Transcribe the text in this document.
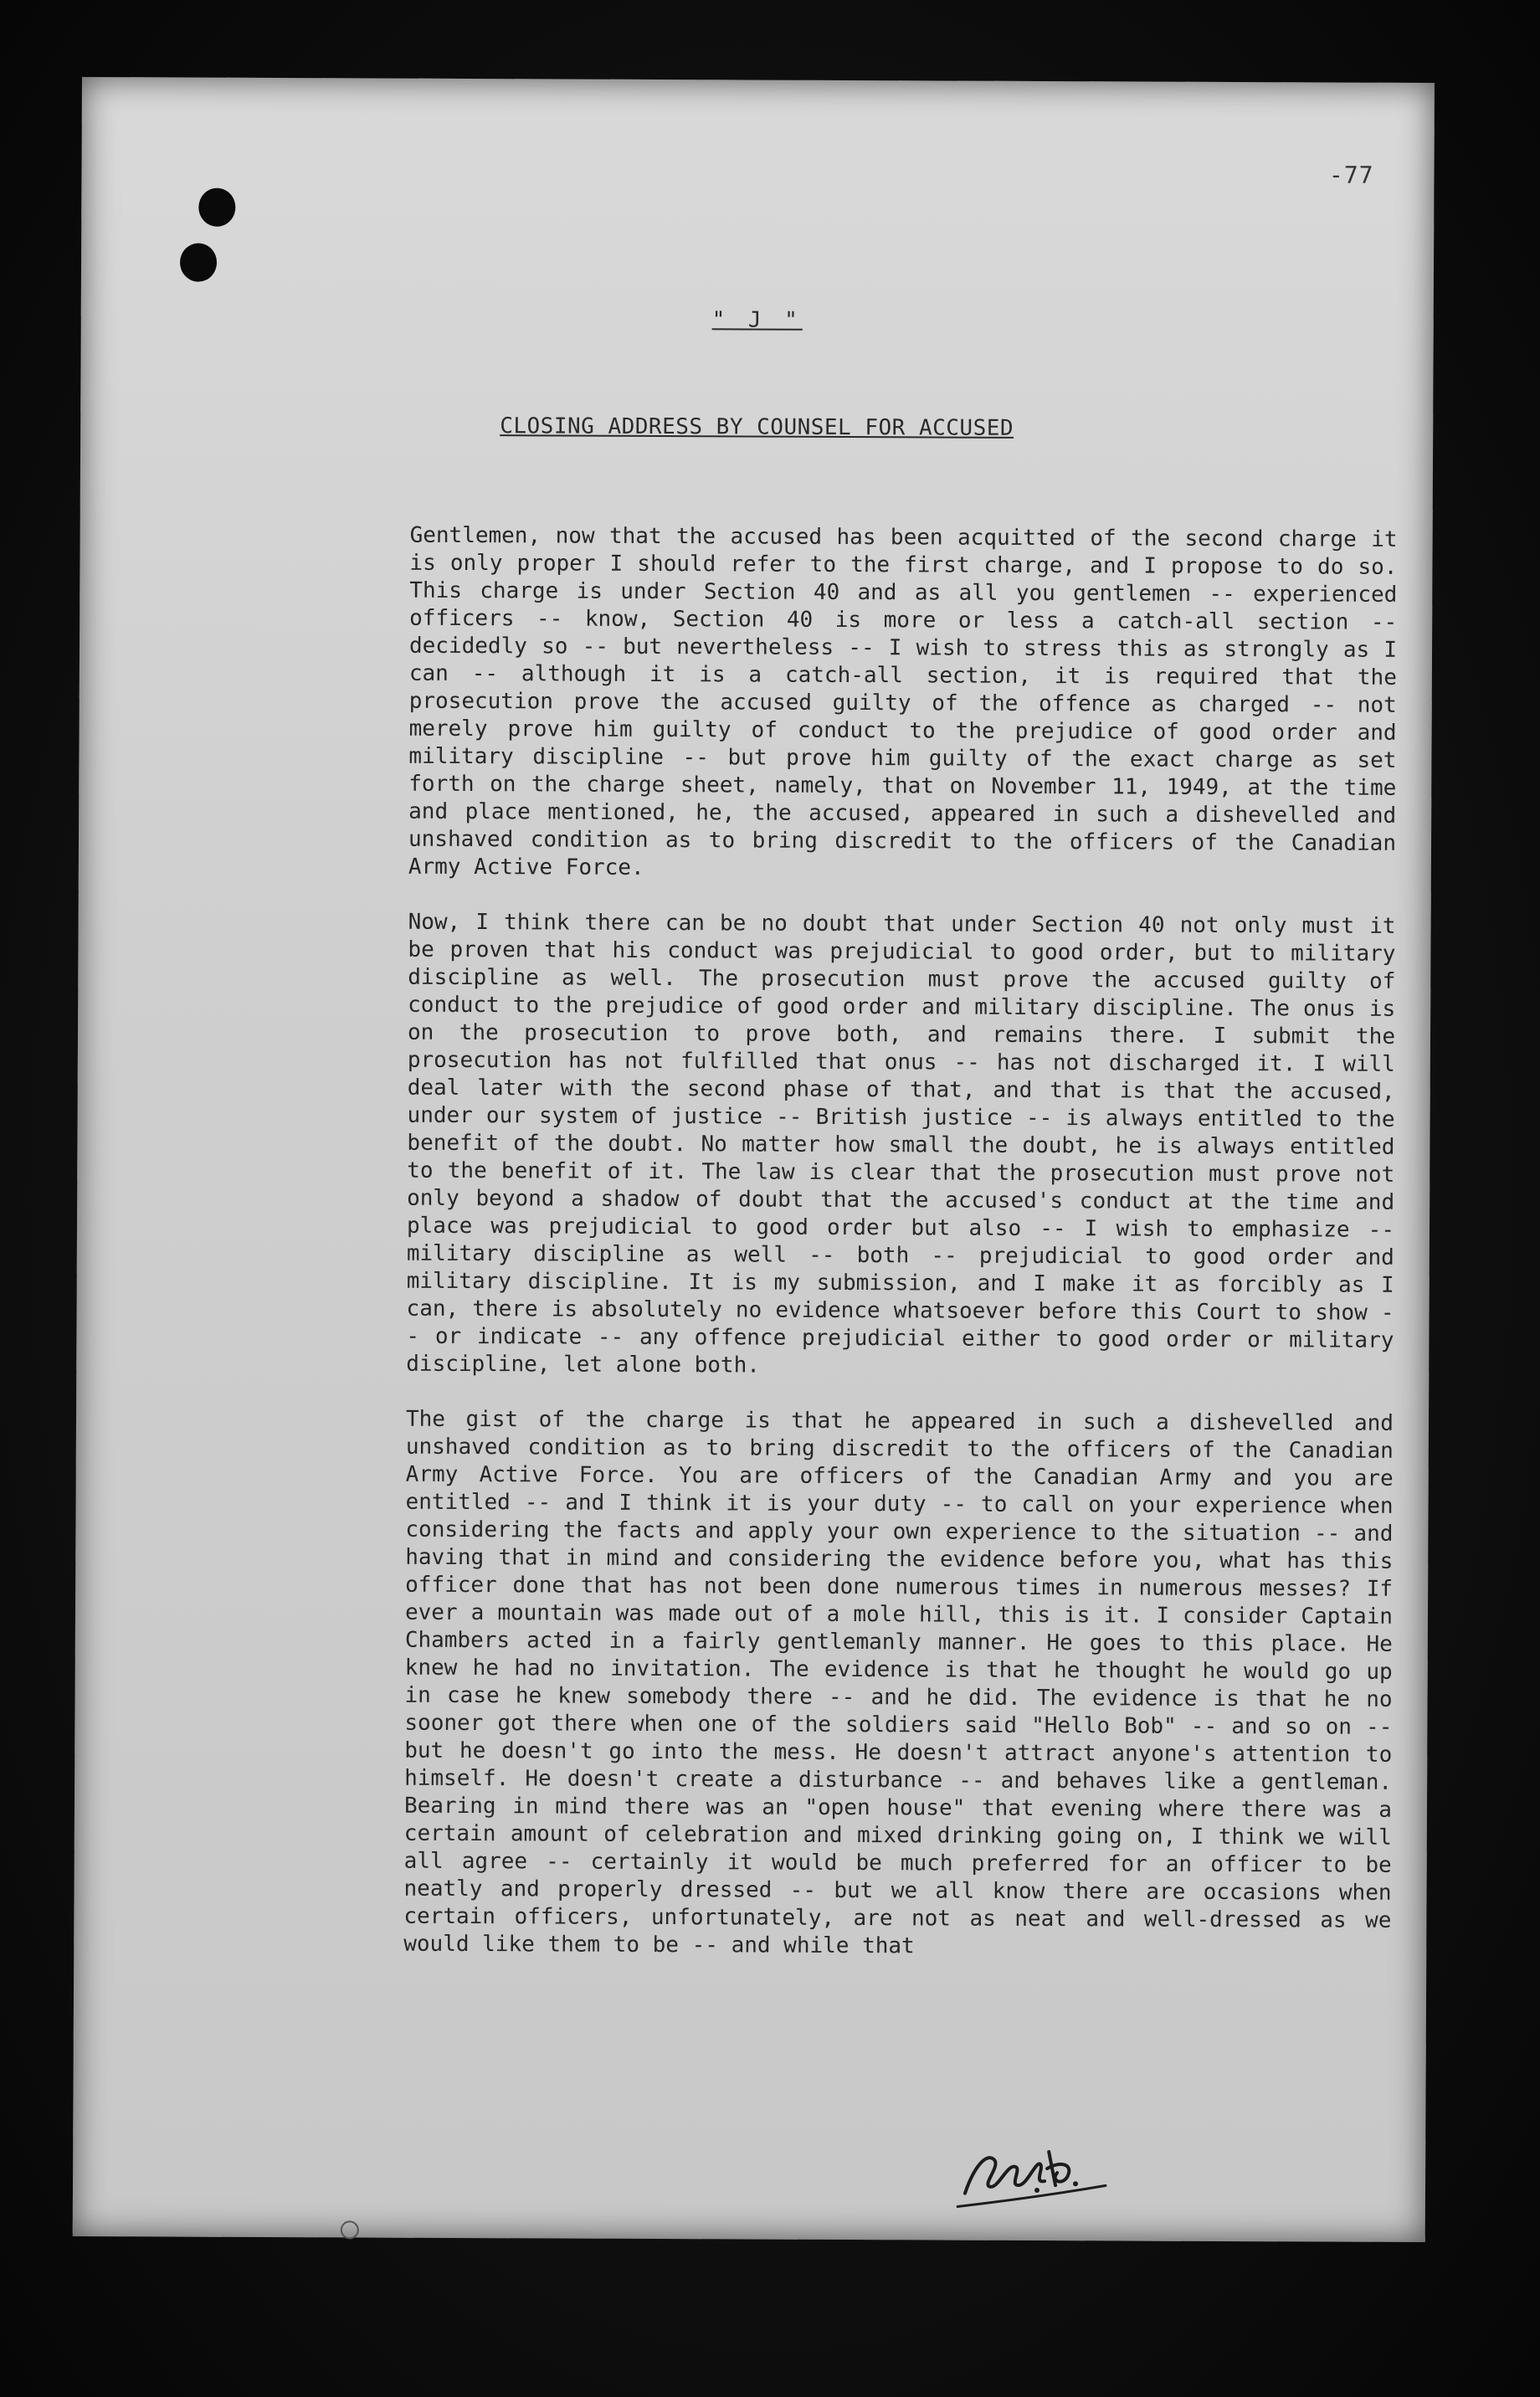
-77
" J "
CLOSING ADDRESS BY COUNSEL FOR ACCUSED

Gentlemen, now that the accused has been acquitted of the second charge it is only proper I should refer to the first charge, and I propose to do so. This charge is under Section 40 and as all you gentlemen -- experienced officers -- know, Section 40 is more or less a catch-all section -- decidedly so -- but nevertheless -- I wish to stress this as strongly as I can -- although it is a catch-all section, it is required that the prosecution prove the accused guilty of the offence as charged -- not merely prove him guilty of conduct to the prejudice of good order and military discipline -- but prove him guilty of the exact charge as set forth on the charge sheet, namely, that on November 11, 1949, at the time and place mentioned, he, the accused, appeared in such a dishevelled and unshaved condition as to bring discredit to the officers of the Canadian Army Active Force.

Now, I think there can be no doubt that under Section 40 not only must it be proven that his conduct was prejudicial to good order, but to military discipline as well. The prosecution must prove the accused guilty of conduct to the prejudice of good order and military discipline. The onus is on the prosecution to prove both, and remains there. I submit the prosecution has not fulfilled that onus -- has not discharged it. I will deal later with the second phase of that, and that is that the accused, under our system of justice -- British justice -- is always entitled to the benefit of the doubt. No matter how small the doubt, he is always entitled to the benefit of it. The law is clear that the prosecution must prove not only beyond a shadow of doubt that the accused's conduct at the time and place was prejudicial to good order but also -- I wish to emphasize -- military discipline as well -- both -- prejudicial to good order and military discipline. It is my submission, and I make it as forcibly as I can, there is absolutely no evidence whatsoever before this Court to show -- or indicate -- any offence prejudicial either to good order or military discipline, let alone both.

The gist of the charge is that he appeared in such a dishevelled and unshaved condition as to bring discredit to the officers of the Canadian Army Active Force. You are officers of the Canadian Army and you are entitled -- and I think it is your duty -- to call on your experience when considering the facts and apply your own experience to the situation -- and having that in mind and considering the evidence before you, what has this officer done that has not been done numerous times in numerous messes? If ever a mountain was made out of a mole hill, this is it. I consider Captain Chambers acted in a fairly gentlemanly manner. He goes to this place. He knew he had no invitation. The evidence is that he thought he would go up in case he knew somebody there -- and he did. The evidence is that he no sooner got there when one of the soldiers said "Hello Bob" -- and so on -- but he doesn't go into the mess. He doesn't attract anyone's attention to himself. He doesn't create a disturbance -- and behaves like a gentleman. Bearing in mind there was an "open house" that evening where there was a certain amount of celebration and mixed drinking going on, I think we will all agree -- certainly it would be much preferred for an officer to be neatly and properly dressed -- but we all know there are occasions when certain officers, unfortunately, are not as neat and well-dressed as we would like them to be -- and while that
